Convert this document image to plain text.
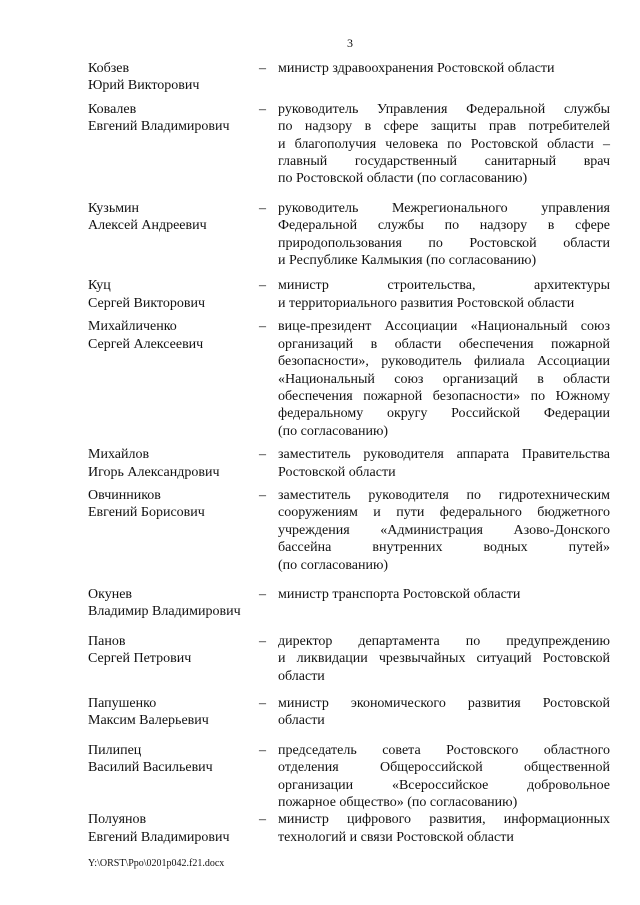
3
Кобзев
Юрий Викторович
– министр здравоохранения Ростовской области
Ковалев
Евгений Владимирович
– руководитель Управления Федеральной службы
по надзору в сфере защиты прав потребителей
и благополучия человека по Ростовской области –
главный государственный санитарный врач
по Ростовской области (по согласованию)
Кузьмин
Алексей Андреевич
– руководитель Межрегионального управления
Федеральной службы по надзору в сфере
природопользования по Ростовской области
и Республике Калмыкия (по согласованию)
Куц
Сергей Викторович
– министр строительства, архитектуры
и территориального развития Ростовской области
Михайличенко
Сергей Алексеевич
– вице-президент Ассоциации «Национальный союз
организаций в области обеспечения пожарной
безопасности», руководитель филиала Ассоциации
«Национальный союз организаций в области
обеспечения пожарной безопасности» по Южному
федеральному округу Российской Федерации
(по согласованию)
Михайлов
Игорь Александрович
– заместитель руководителя аппарата Правительства
Ростовской области
Овчинников
Евгений Борисович
– заместитель руководителя по гидротехническим
сооружениям и пути федерального бюджетного
учреждения «Администрация Азово-Донского
бассейна внутренних водных путей»
(по согласованию)
Окунев
Владимир Владимирович
– министр транспорта Ростовской области
Панов
Сергей Петрович
– директор департамента по предупреждению
и ликвидации чрезвычайных ситуаций Ростовской
области
Папушенко
Максим Валерьевич
– министр экономического развития Ростовской
области
Пилипец
Василий Васильевич
– председатель совета Ростовского областного
отделения Общероссийской общественной
организации «Всероссийское добровольное
пожарное общество» (по согласованию)
Полуянов
Евгений Владимирович
– министр цифрового развития, информационных
технологий и связи Ростовской области
Y:\ORST\Ppo\0201p042.f21.docx
